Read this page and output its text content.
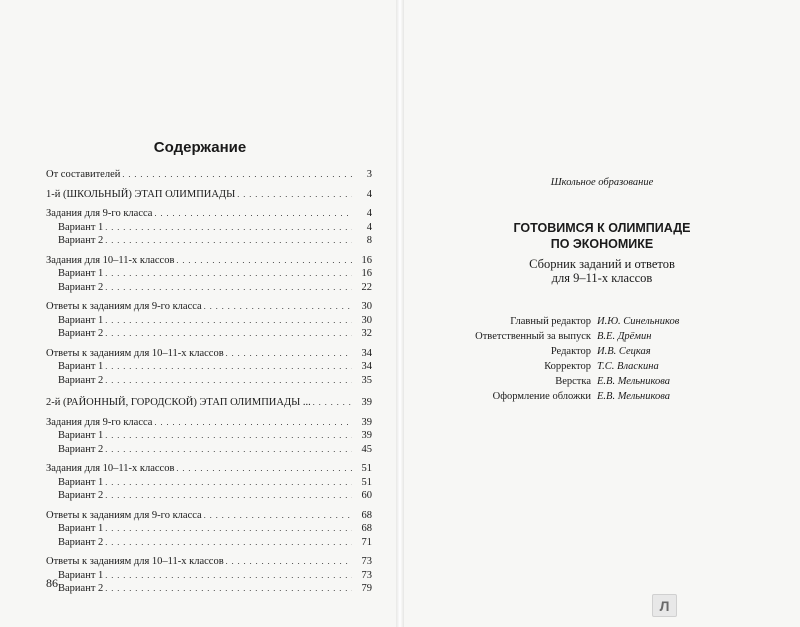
Содержание
От составителей . . .	3
1-й (ШКОЛЬНЫЙ) ЭТАП ОЛИМПИАДЫ . . .	4
Задания для 9-го класса . . .	4
Вариант 1 . . .	4
Вариант 2 . . .	8
Задания для 10–11-х классов . . .	16
Вариант 1 . . .	16
Вариант 2 . . .	22
Ответы к заданиям для 9-го класса . . .	30
Вариант 1 . . .	30
Вариант 2 . . .	32
Ответы к заданиям для 10–11-х классов . . .	34
Вариант 1 . . .	34
Вариант 2 . . .	35
2-й (РАЙОННЫЙ, ГОРОДСКОЙ) ЭТАП ОЛИМПИАДЫ ... . . .	39
Задания для 9-го класса . . .	39
Вариант 1 . . .	39
Вариант 2 . . .	45
Задания для 10–11-х классов . . .	51
Вариант 1 . . .	51
Вариант 2 . . .	60
Ответы к заданиям для 9-го класса . . .	68
Вариант 1 . . .	68
Вариант 2 . . .	71
Ответы к заданиям для 10–11-х классов . . .	73
Вариант 1 . . .	73
Вариант 2 . . .	79
86
Школьное образование
ГОТОВИМСЯ К ОЛИМПИАДЕ
ПО ЭКОНОМИКЕ
Сборник заданий и ответов
для 9–11-х классов
Главный редактор И.Ю. Синельников
Ответственный за выпуск В.Е. Дрёмин
Редактор И.В. Сецкая
Корректор Т.С. Власкина
Верстка Е.В. Мельникова
Оформление обложки Е.В. Мельникова
Л
